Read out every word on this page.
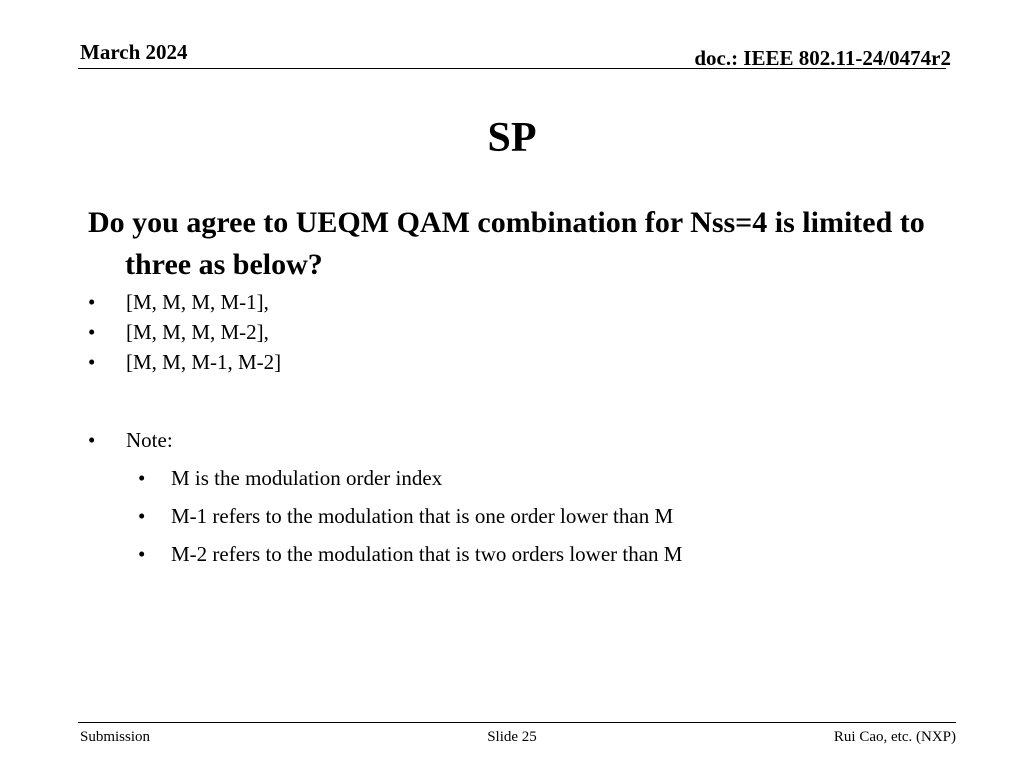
March 2024	doc.: IEEE 802.11-24/0474r2
SP
Do you agree to UEQM QAM combination for Nss=4 is limited to three as below?
• [M, M, M, M-1],
• [M, M, M, M-2],
• [M, M, M-1, M-2]
• Note:
• M is the modulation order index
• M-1 refers to the modulation that is one order lower than M
• M-2 refers to the modulation that is two orders lower than M
Submission	Slide 25	Rui Cao, etc. (NXP)
